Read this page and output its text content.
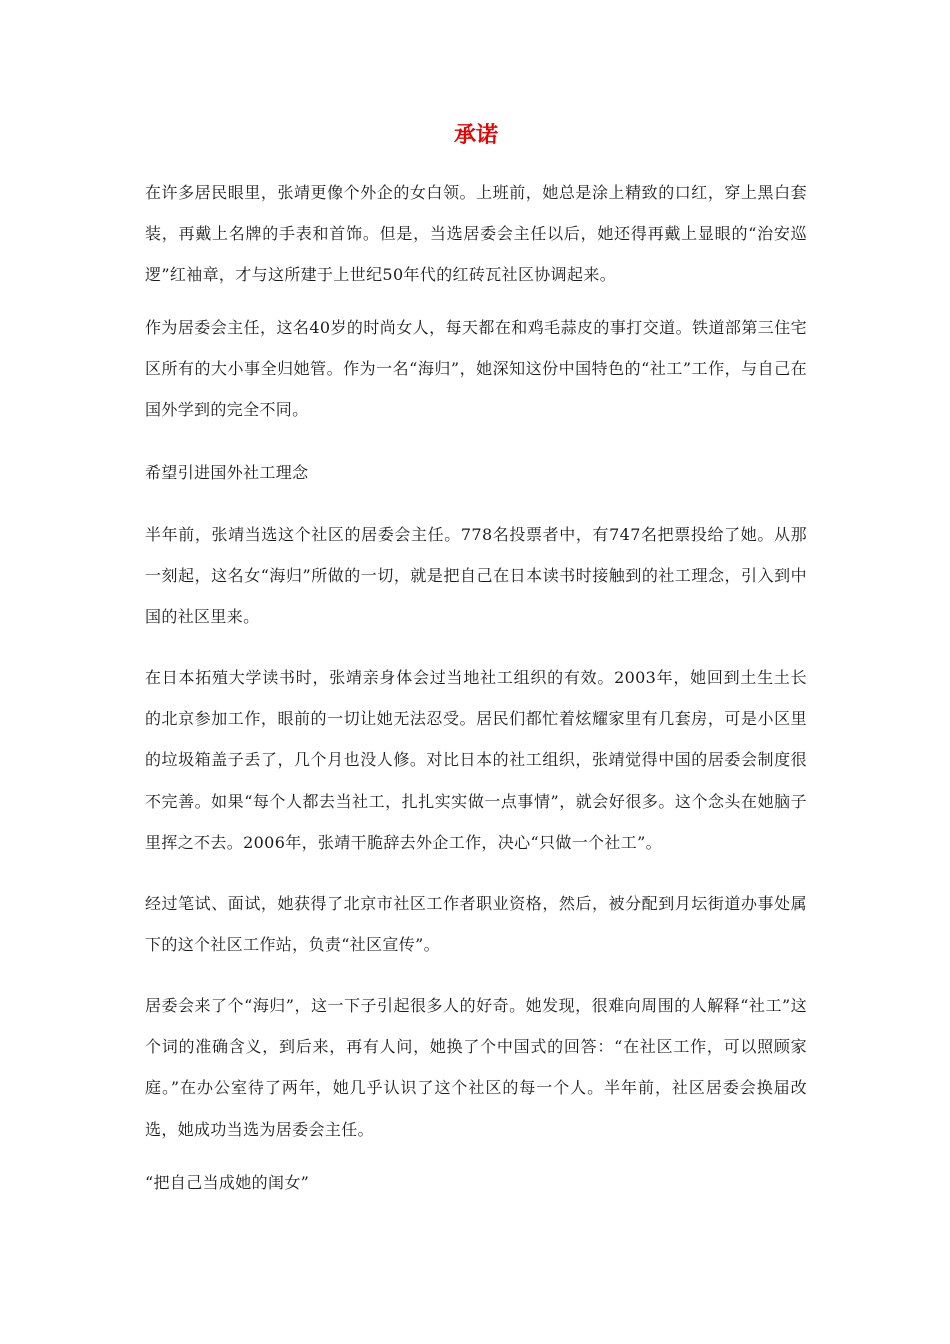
承诺

在许多居民眼里，张靖更像个外企的女白领。上班前，她总是涂上精致的口红，穿上黑白套装，再戴上名牌的手表和首饰。但是，当选居委会主任以后，她还得再戴上显眼的“治安巡逻”红袖章，才与这所建于上世纪50年代的红砖瓦社区协调起来。

作为居委会主任，这名40岁的时尚女人，每天都在和鸡毛蒜皮的事打交道。铁道部第三住宅区所有的大小事全归她管。作为一名“海归”，她深知这份中国特色的“社工”工作，与自己在国外学到的完全不同。

希望引进国外社工理念

半年前，张靖当选这个社区的居委会主任。778名投票者中，有747名把票投给了她。从那一刻起，这名女“海归”所做的一切，就是把自己在日本读书时接触到的社工理念，引入到中国的社区里来。

在日本拓殖大学读书时，张靖亲身体会过当地社工组织的有效。2003年，她回到土生土长的北京参加工作，眼前的一切让她无法忍受。居民们都忙着炫耀家里有几套房，可是小区里的垃圾箱盖子丢了，几个月也没人修。对比日本的社工组织，张靖觉得中国的居委会制度很不完善。如果“每个人都去当社工，扎扎实实做一点事情”，就会好很多。这个念头在她脑子里挥之不去。2006年，张靖干脆辞去外企工作，决心“只做一个社工”。

经过笔试、面试，她获得了北京市社区工作者职业资格，然后，被分配到月坛街道办事处属下的这个社区工作站，负责“社区宣传”。

居委会来了个“海归”，这一下子引起很多人的好奇。她发现，很难向周围的人解释“社工”这个词的准确含义，到后来，再有人问，她换了个中国式的回答：“在社区工作，可以照顾家庭。”在办公室待了两年，她几乎认识了这个社区的每一个人。半年前，社区居委会换届改选，她成功当选为居委会主任。

“把自己当成她的闺女”
